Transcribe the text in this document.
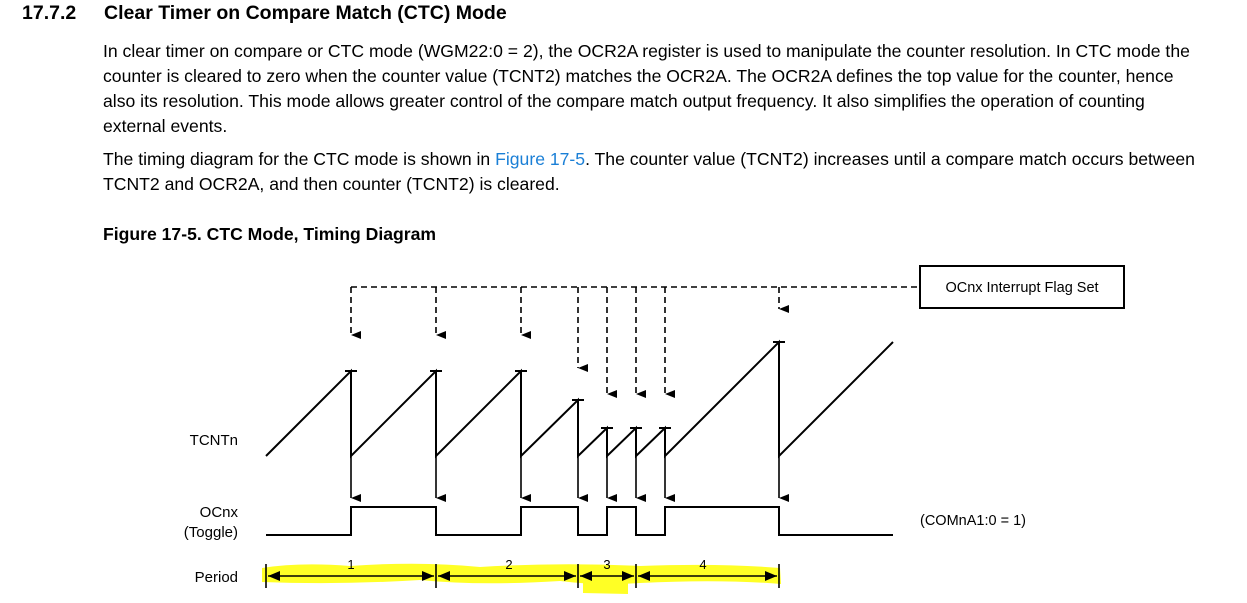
17.7.2 Clear Timer on Compare Match (CTC) Mode

In clear timer on compare or CTC mode (WGM22:0 = 2), the OCR2A register is used to manipulate the counter resolution. In CTC mode the counter is cleared to zero when the counter value (TCNT2) matches the OCR2A. The OCR2A defines the top value for the counter, hence also its resolution. This mode allows greater control of the compare match output frequency. It also simplifies the operation of counting external events.

The timing diagram for the CTC mode is shown in Figure 17-5. The counter value (TCNT2) increases until a compare match occurs between TCNT2 and OCR2A, and then counter (TCNT2) is cleared.

Figure 17-5. CTC Mode, Timing Diagram
OCnx Interrupt Flag Set
TCNTn
OCnx
(Toggle)
(COMnA1:0 = 1)
Period
1	2	3	4
